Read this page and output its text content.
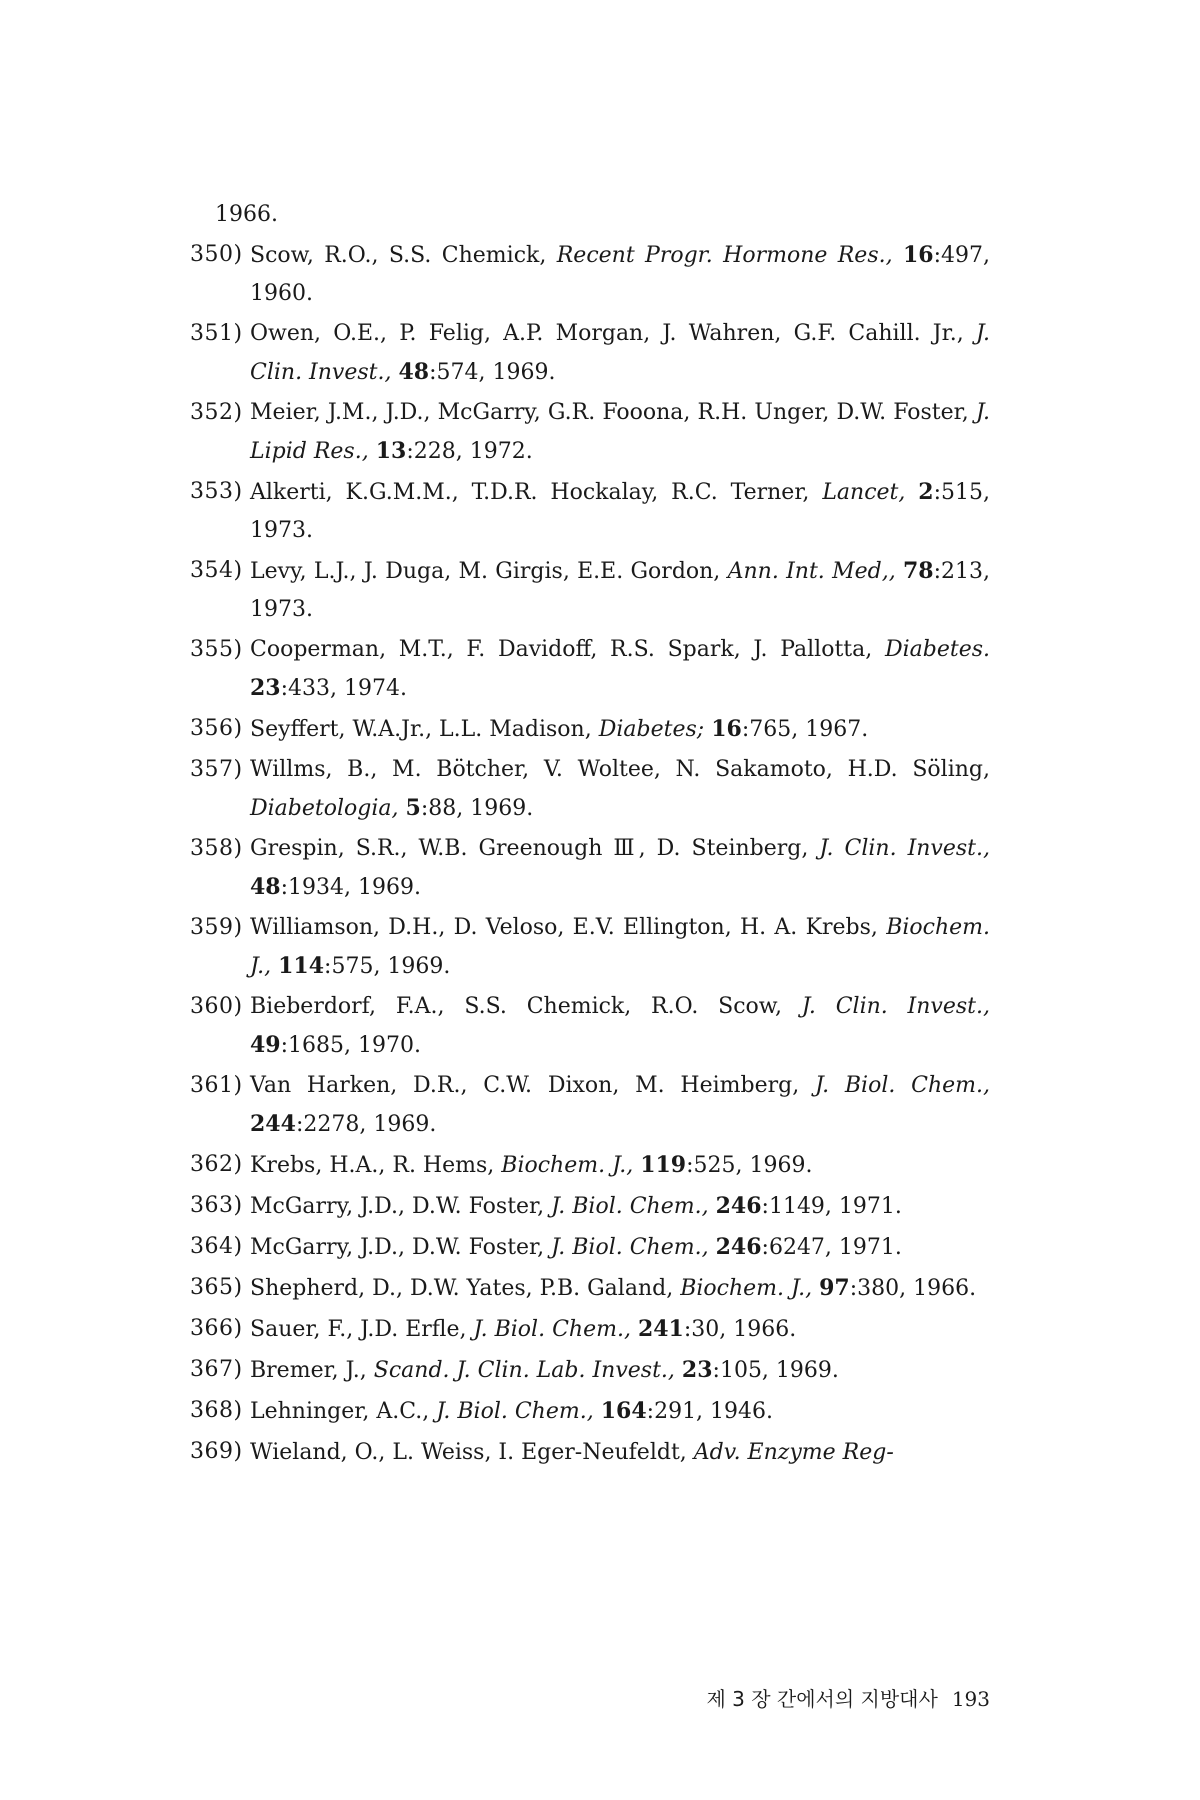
1966.
350) Scow, R.O., S.S. Chemick, Recent Progr. Hormone Res., 16:497, 1960.
351) Owen, O.E., P. Felig, A.P. Morgan, J. Wahren, G.F. Cahill. Jr., J. Clin. Invest., 48:574, 1969.
352) Meier, J.M., J.D., McGarry, G.R. Fooona, R.H. Unger, D.W. Foster, J. Lipid Res., 13:228, 1972.
353) Alkerti, K.G.M.M., T.D.R. Hockalay, R.C. Terner, Lancet, 2:515, 1973.
354) Levy, L.J., J. Duga, M. Girgis, E.E. Gordon, Ann. Int. Med,, 78:213, 1973.
355) Cooperman, M.T., F. Davidoff, R.S. Spark, J. Pallotta, Diabetes. 23:433, 1974.
356) Seyffert, W.A.Jr., L.L. Madison, Diabetes; 16:765, 1967.
357) Willms, B., M. Bötcher, V. Woltee, N. Sakamoto, H.D. Söling, Diabetologia, 5:88, 1969.
358) Grespin, S.R., W.B. Greenough Ⅲ, D. Steinberg, J. Clin. Invest., 48:1934, 1969.
359) Williamson, D.H., D. Veloso, E.V. Ellington, H. A. Krebs, Biochem. J., 114:575, 1969.
360) Bieberdorf, F.A., S.S. Chemick, R.O. Scow, J. Clin. Invest., 49:1685, 1970.
361) Van Harken, D.R., C.W. Dixon, M. Heimberg, J. Biol. Chem., 244:2278, 1969.
362) Krebs, H.A., R. Hems, Biochem. J., 119:525, 1969.
363) McGarry, J.D., D.W. Foster, J. Biol. Chem., 246:1149, 1971.
364) McGarry, J.D., D.W. Foster, J. Biol. Chem., 246:6247, 1971.
365) Shepherd, D., D.W. Yates, P.B. Galand, Biochem. J., 97:380, 1966.
366) Sauer, F., J.D. Erfle, J. Biol. Chem., 241:30, 1966.
367) Bremer, J., Scand. J. Clin. Lab. Invest., 23:105, 1969.
368) Lehninger, A.C., J. Biol. Chem., 164:291, 1946.
369) Wieland, O., L. Weiss, I. Eger-Neufeldt, Adv. Enzyme Reg-
제 3 장 간에서의 지방대사 193
